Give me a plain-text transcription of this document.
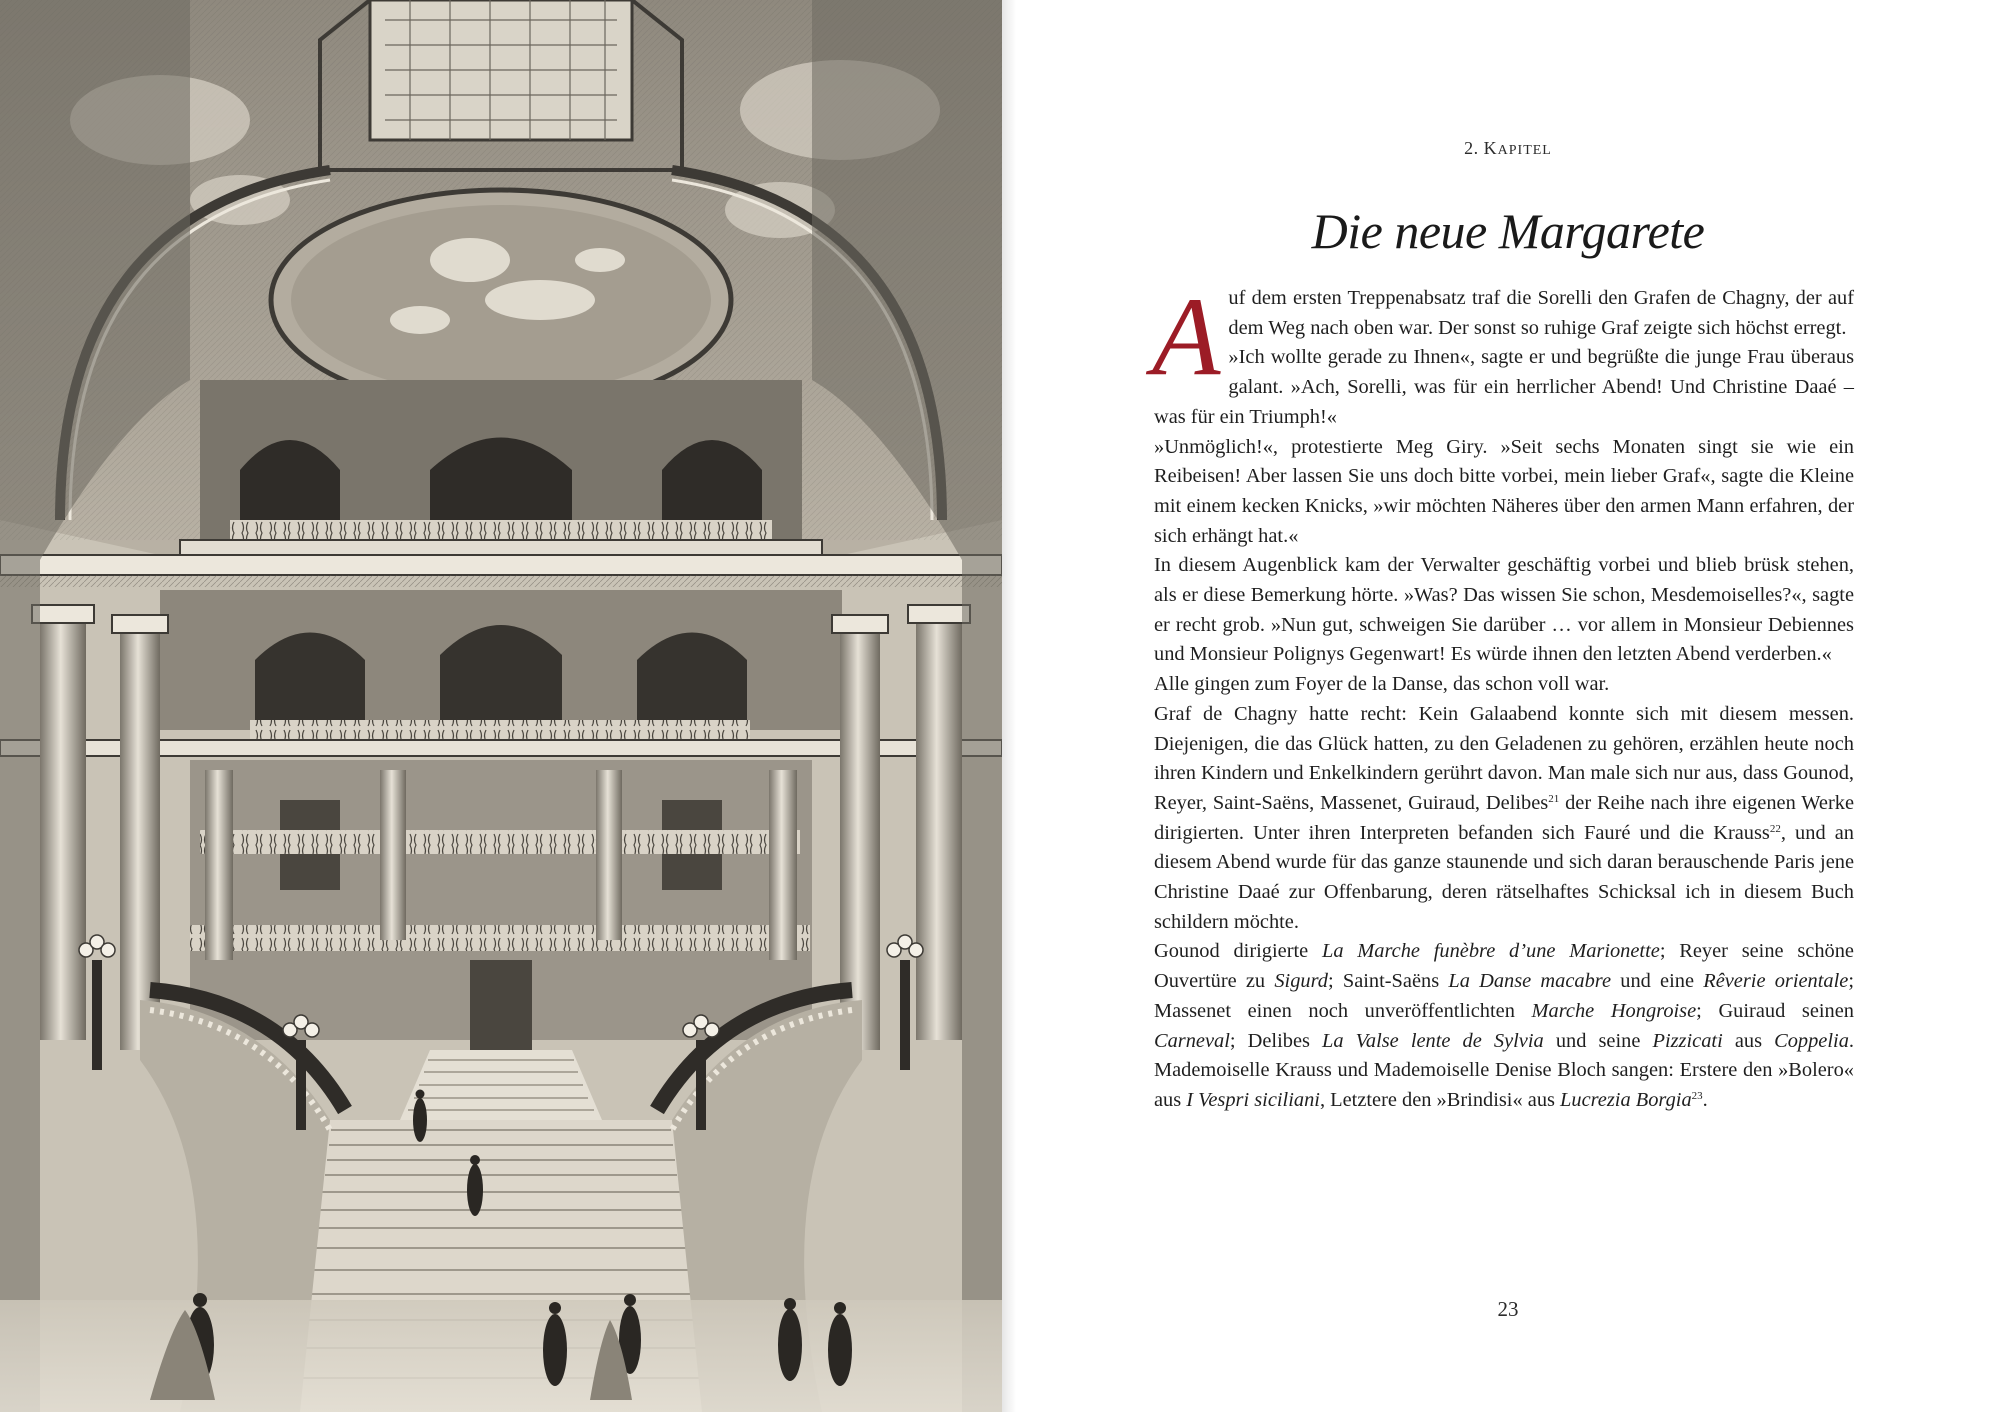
2. KAPITEL
Die neue Margarete

Auf dem ersten Treppenabsatz traf die Sorelli den Grafen de Chagny, der auf dem Weg nach oben war. Der sonst so ruhige Graf zeigte sich höchst erregt.

»Ich wollte gerade zu Ihnen«, sagte er und begrüßte die junge Frau überaus galant. »Ach, Sorelli, was für ein herrlicher Abend! Und Christine Daaé – was für ein Triumph!«

»Unmöglich!«, protestierte Meg Giry. »Seit sechs Monaten singt sie wie ein Reibeisen! Aber lassen Sie uns doch bitte vorbei, mein lieber Graf«, sagte die Kleine mit einem kecken Knicks, »wir möchten Näheres über den armen Mann erfahren, der sich erhängt hat.«

In diesem Augenblick kam der Verwalter geschäftig vorbei und blieb brüsk stehen, als er diese Bemerkung hörte. »Was? Das wissen Sie schon, Mesdemoiselles?«, sagte er recht grob. »Nun gut, schweigen Sie darüber … vor allem in Monsieur Debiennes und Monsieur Polignys Gegenwart! Es würde ihnen den letzten Abend verderben.«

Alle gingen zum Foyer de la Danse, das schon voll war.

Graf de Chagny hatte recht: Kein Galaabend konnte sich mit diesem messen. Diejenigen, die das Glück hatten, zu den Geladenen zu gehören, erzählen heute noch ihren Kindern und Enkelkindern gerührt davon. Man male sich nur aus, dass Gounod, Reyer, Saint-Saëns, Massenet, Guiraud, Delibes$^{21}$ der Reihe nach ihre eigenen Werke dirigierten. Unter ihren Interpreten befanden sich Fauré und die Krauss$^{22}$, und an diesem Abend wurde für das ganze staunende und sich daran berauschende Paris jene Christine Daaé zur Offenbarung, deren rätselhaftes Schicksal ich in diesem Buch schildern möchte.

Gounod dirigierte La Marche funèbre d’une Marionette; Reyer seine schöne Ouvertüre zu Sigurd; Saint-Saëns La Danse macabre und eine Rêverie orientale; Massenet einen noch unveröffentlichten Marche Hongroise; Guiraud seinen Carneval; Delibes La Valse lente de Sylvia und seine Pizzicati aus Coppelia. Mademoiselle Krauss und Mademoiselle Denise Bloch sangen: Erstere den »Bolero« aus I Vespri siciliani, Letztere den »Brindisi« aus Lucrezia Borgia$^{23}$.

23
